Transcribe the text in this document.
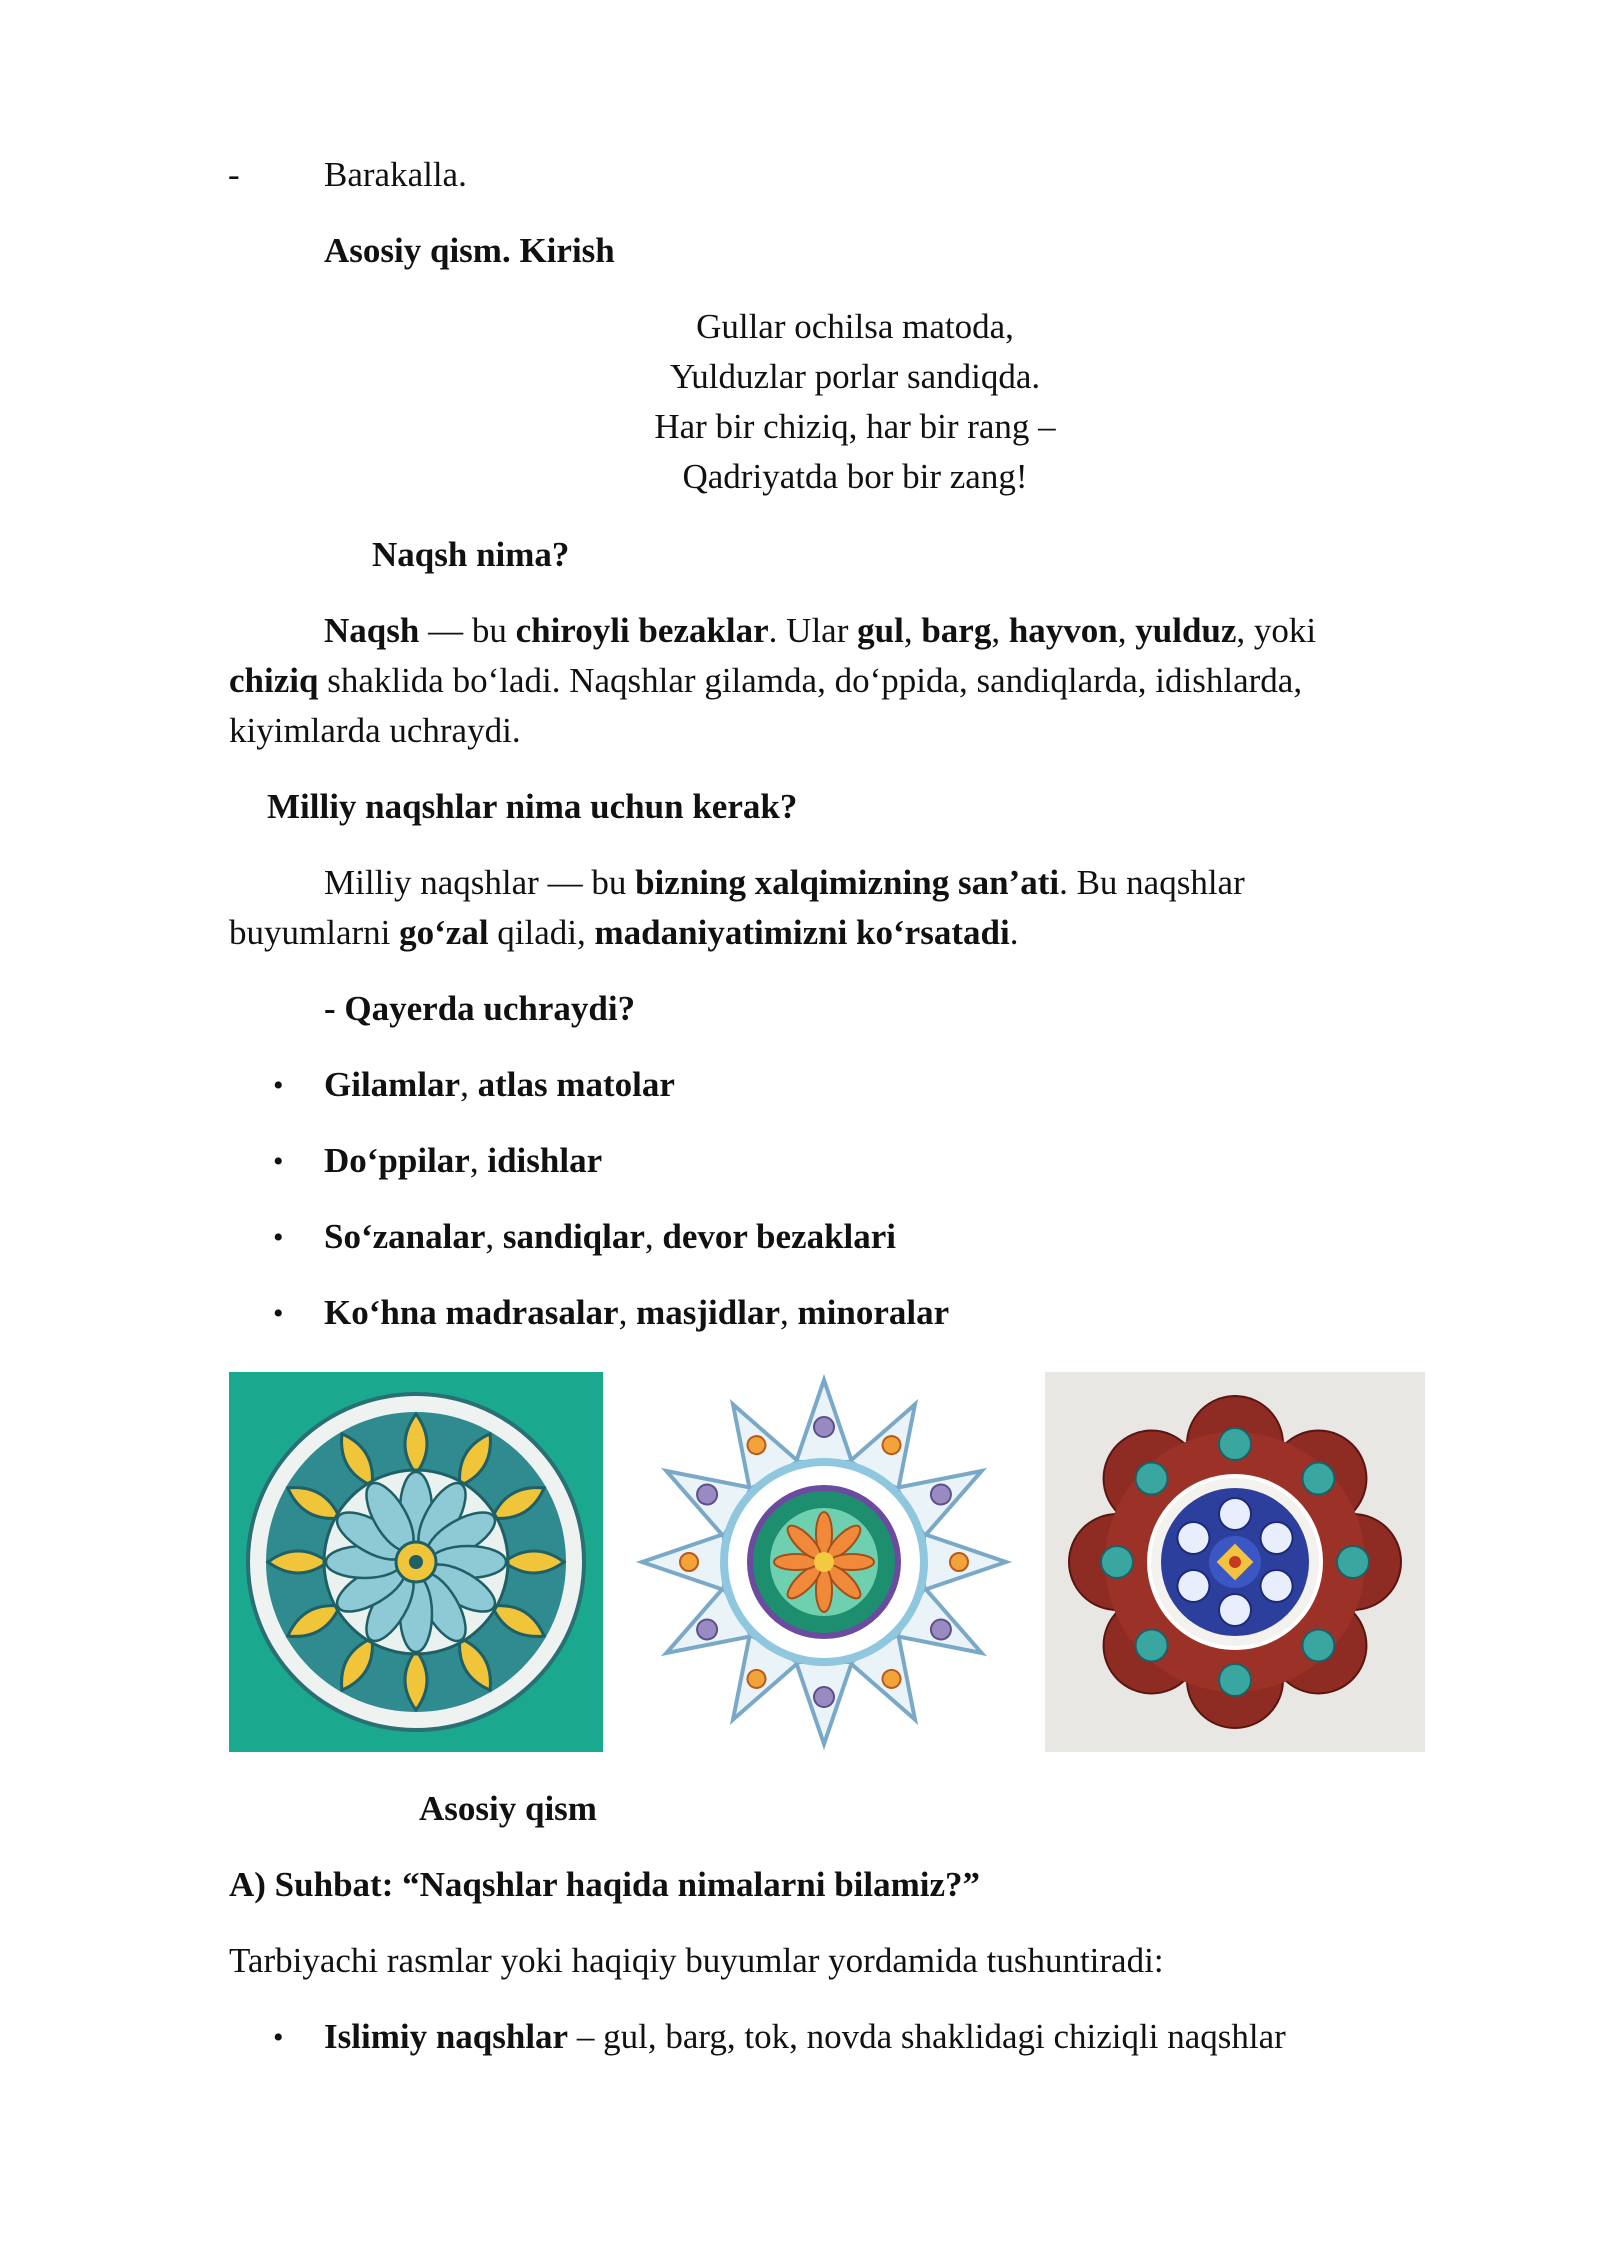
- Barakalla.
Asosiy qism. Kirish
Gullar ochilsa matoda,
Yulduzlar porlar sandiqda.
Har bir chiziq, har bir rang –
Qadriyatda bor bir zang!
Naqsh nima?
Naqsh — bu chiroyli bezaklar. Ular gul, barg, hayvon, yulduz, yoki
chiziq shaklida bo‘ladi. Naqshlar gilamda, do‘ppida, sandiqlarda, idishlarda,
kiyimlarda uchraydi.
Milliy naqshlar nima uchun kerak?
Milliy naqshlar — bu bizning xalqimizning san’ati. Bu naqshlar
buyumlarni go‘zal qiladi, madaniyatimizni ko‘rsatadi.
- Qayerda uchraydi?
• Gilamlar, atlas matolar
• Do‘ppilar, idishlar
• So‘zanalar, sandiqlar, devor bezaklari
• Ko‘hna madrasalar, masjidlar, minoralar
Asosiy qism
A) Suhbat: “Naqshlar haqida nimalarni bilamiz?”
Tarbiyachi rasmlar yoki haqiqiy buyumlar yordamida tushuntiradi:
• Islimiy naqshlar – gul, barg, tok, novda shaklidagi chiziqli naqshlar
